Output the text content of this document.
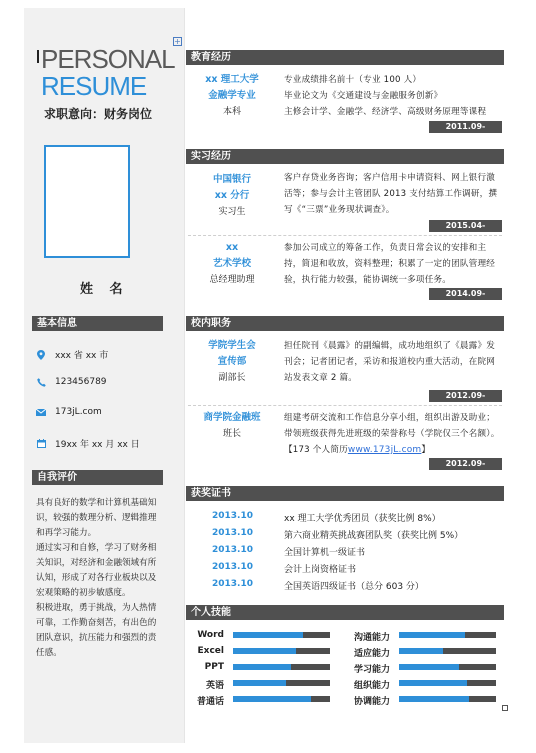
+
PERSONAL
RESUME
求职意向：财务岗位
姓 名
基本信息
xxx 省 xx 市
123456789
173jL.com
19xx 年 xx 月 xx 日
自我评价

具有良好的数学和计算机基础知识，较强的数理分析、逻辑推理和再学习能力。

通过实习和自修，学习了财务相关知识，对经济和金融领域有所认知，形成了对各行业板块以及宏观策略的初步敏感度。

积极进取，勇于挑战，为人热情可靠，工作勤奋刻苦，有出色的团队意识，抗压能力和强烈的责任感。

教育经历
xx 理工大学
金融学专业
本科
专业成绩排名前十（专业 100 人）
毕业论文为《交通建设与金融服务创新》
主修会计学、金融学、经济学、高级财务原理等课程
2011.09-2015.06
实习经历
中国银行
xx 分行
实习生
客户存贷业务咨询；客户信用卡申请资料、网上银行激活等；参与会计主管团队 2013 支付结算工作调研，撰写《“三票”业务现状调查》。
2015.04-2015.06
xx
艺术学校
总经理助理
参加公司成立的筹备工作，负责日常会议的安排和主持，简退和收放，资料整理；积累了一定的团队管理经验，执行能力较强，能协调统一多项任务。
2014.09-2014.10
校内职务
学院学生会
宣传部
副部长
担任院刊《晨露》的副编辑，成功地组织了《晨露》发刊会；记者团记者，采访和报道校内重大活动，在院网站发表文章 2 篇。
2012.09-2014.06
商学院金融班
班长
组建考研交流和工作信息分享小组，组织出游及助业；带领班级获得先进班级的荣誉称号（学院仅三个名额）。【173 个人简历www.173jL.com】
2012.09-2013.06
获奖证书
2013.10	xx 理工大学优秀团员（获奖比例 8%）
2013.10	第六商业精英挑战赛团队奖（获奖比例 5%）
2013.10	全国计算机一级证书
2013.10	会计上岗资格证书
2013.10	全国英语四级证书（总分 603 分）
个人技能
Word
Excel
PPT
英语
普通话
沟通能力
适应能力
学习能力
组织能力
协调能力
